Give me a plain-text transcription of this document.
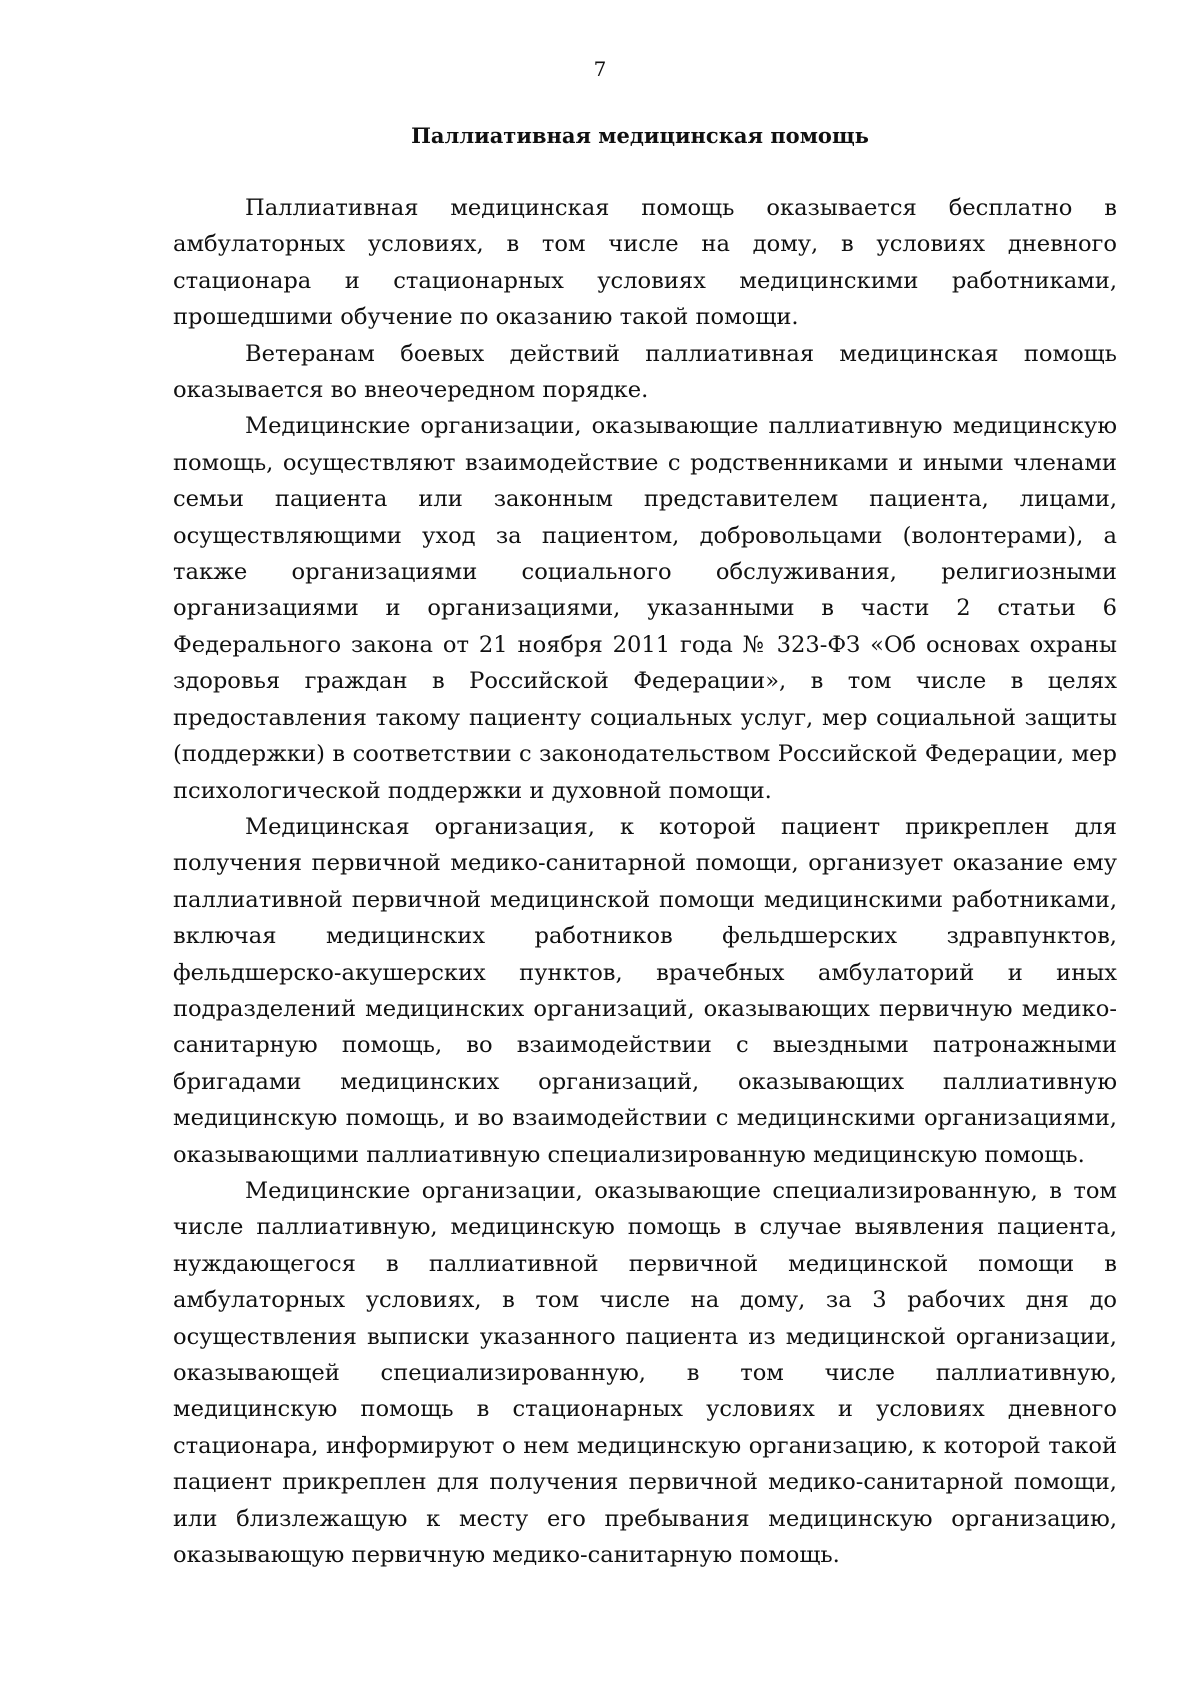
7
Паллиативная медицинская помощь

Паллиативная медицинская помощь оказывается бесплатно в амбулаторных условиях, в том числе на дому, в условиях дневного стационара и стационарных условиях медицинскими работниками, прошедшими обучение по оказанию такой помощи.

Ветеранам боевых действий паллиативная медицинская помощь оказывается во внеочередном порядке.

Медицинские организации, оказывающие паллиативную медицинскую помощь, осуществляют взаимодействие с родственниками и иными членами семьи пациента или законным представителем пациента, лицами, осуществляющими уход за пациентом, добровольцами (волонтерами), а также организациями социального обслуживания, религиозными организациями и организациями, указанными в части 2 статьи 6 Федерального закона от 21 ноября 2011 года № 323-ФЗ «Об основах охраны здоровья граждан в Российской Федерации», в том числе в целях предоставления такому пациенту социальных услуг, мер социальной защиты (поддержки) в соответствии с законодательством Российской Федерации, мер психологической поддержки и духовной помощи.

Медицинская организация, к которой пациент прикреплен для получения первичной медико-санитарной помощи, организует оказание ему паллиативной первичной медицинской помощи медицинскими работниками, включая медицинских работников фельдшерских здравпунктов, фельдшерско-акушерских пунктов, врачебных амбулаторий и иных подразделений медицинских организаций, оказывающих первичную медико-санитарную помощь, во взаимодействии с выездными патронажными бригадами медицинских организаций, оказывающих паллиативную медицинскую помощь, и во взаимодействии с медицинскими организациями, оказывающими паллиативную специализированную медицинскую помощь.

Медицинские организации, оказывающие специализированную, в том числе паллиативную, медицинскую помощь в случае выявления пациента, нуждающегося в паллиативной первичной медицинской помощи в амбулаторных условиях, в том числе на дому, за 3 рабочих дня до осуществления выписки указанного пациента из медицинской организации, оказывающей специализированную, в том числе паллиативную, медицинскую помощь в стационарных условиях и условиях дневного стационара, информируют о нем медицинскую организацию, к которой такой пациент прикреплен для получения первичной медико-санитарной помощи, или близлежащую к месту его пребывания медицинскую организацию, оказывающую первичную медико-санитарную помощь.
